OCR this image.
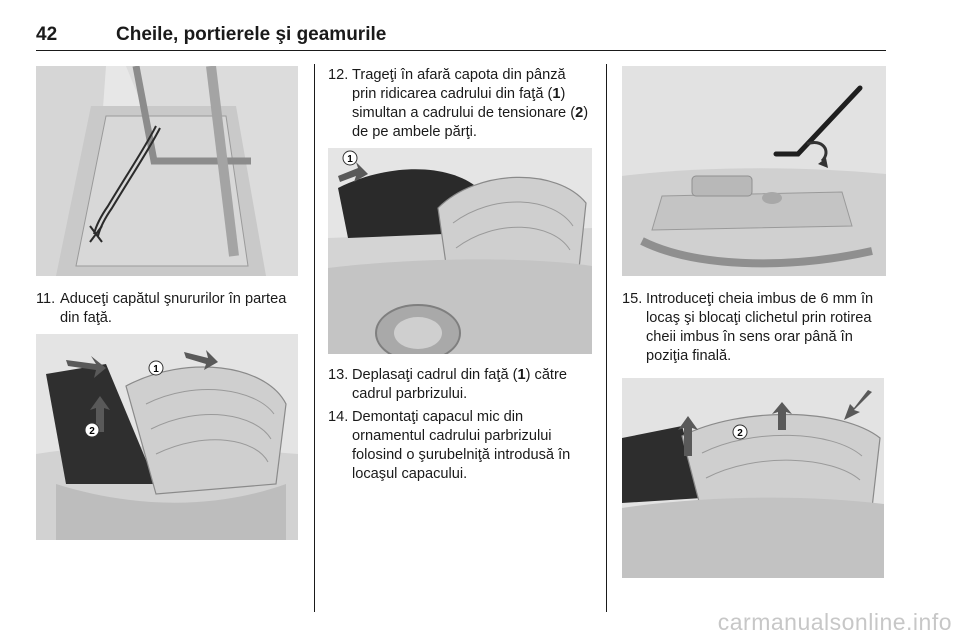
42	Cheile, portierele şi geamurile
11. Aduceţi capătul şnururilor în partea din faţă.
1
2
12. Trageţi în afară capota din pânză prin ridicarea cadrului din faţă (1) simultan a cadrului de tensionare (2) de pe ambele părţi.
1
13. Deplasaţi cadrul din faţă (1) către cadrul parbrizului.
14. Demontaţi capacul mic din ornamentul cadrului parbrizului folosind o şurubelniţă introdusă în locaşul capacului.
15. Introduceţi cheia imbus de 6 mm în locaş şi blocaţi clichetul prin rotirea cheii imbus în sens orar până în poziţia finală.
2
carmanualsonline.info
